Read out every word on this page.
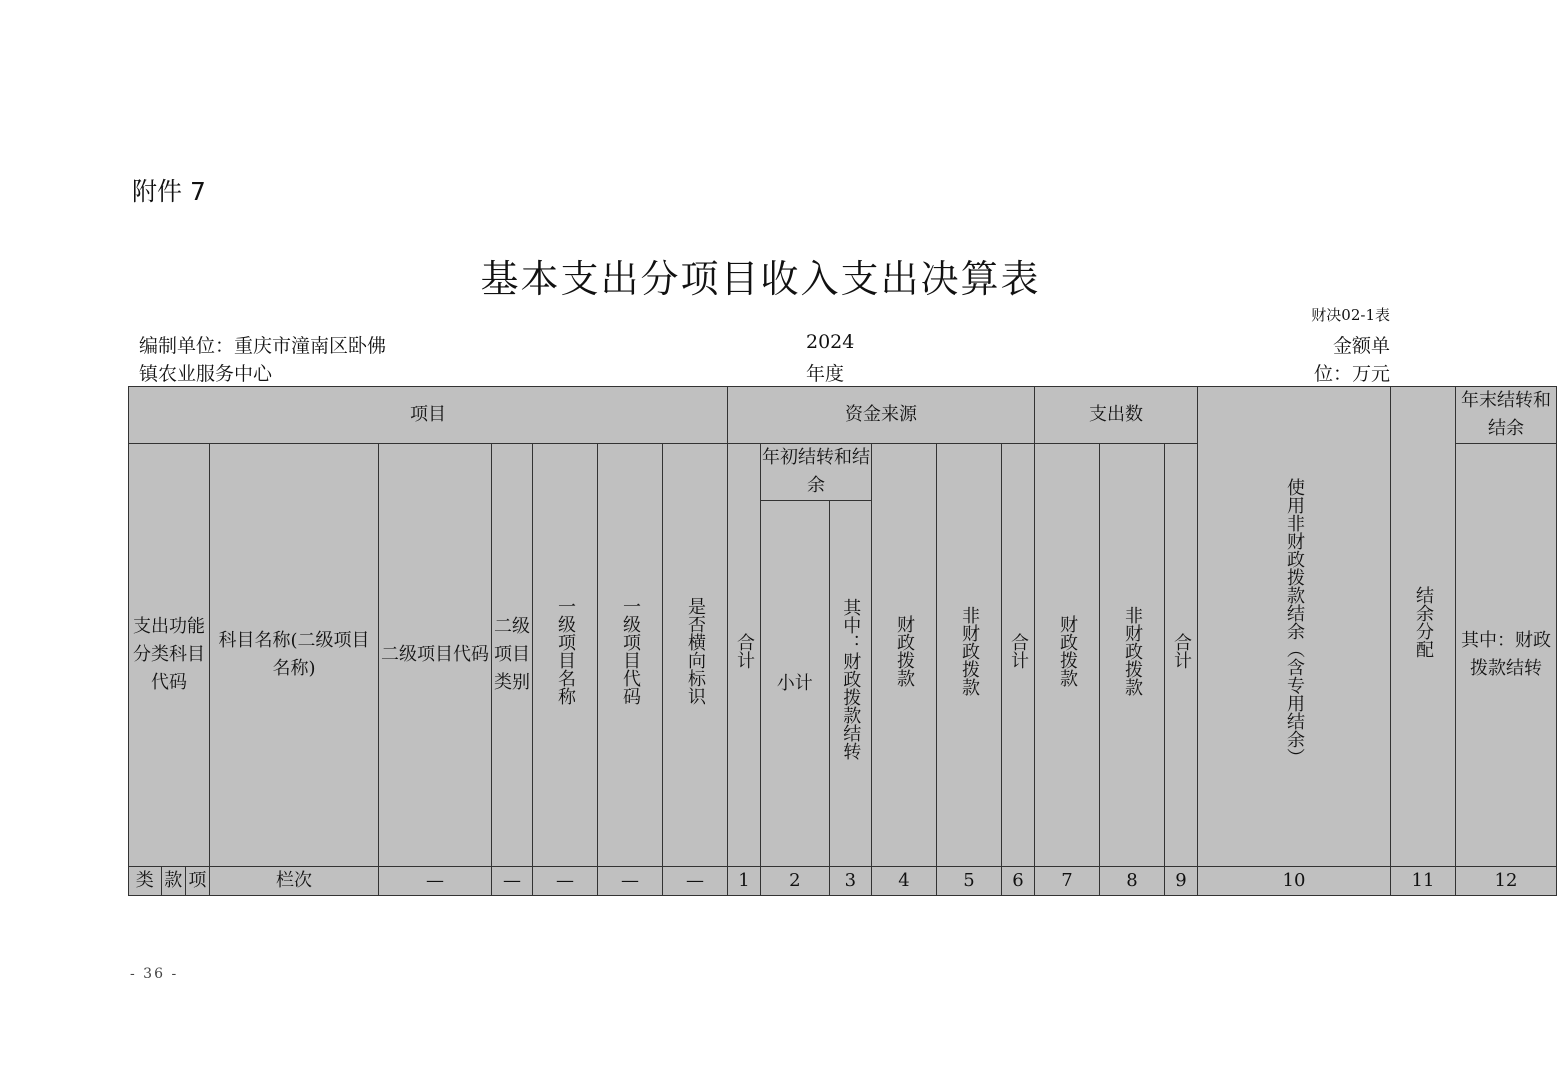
附件 7
基本支出分项目收入支出决算表
财决02-1表
编制单位：重庆市潼南区卧佛
镇农业服务中心
2024
年度
金额单
位：万元
项目									资金来源						支出数			使用非财政拨款结余（含专用结余）	结余分配	年末结转和结余

支出功能分类科目代码			科目名称(二级项目名称)	二级项目代码	二级项目类别	一级项目名称	一级项目代码	是否横向标识	合计	年初结转和结余		财政拨款	非财政拨款	合计	财政拨款	非财政拨款	合计			其中：财政拨款结转

										小计	其中：财政拨款结转									
类	款	项	栏次	—	—	—	—	—	1	2	3	4	5	6	7	8	9	10	11	12
- 36 -
